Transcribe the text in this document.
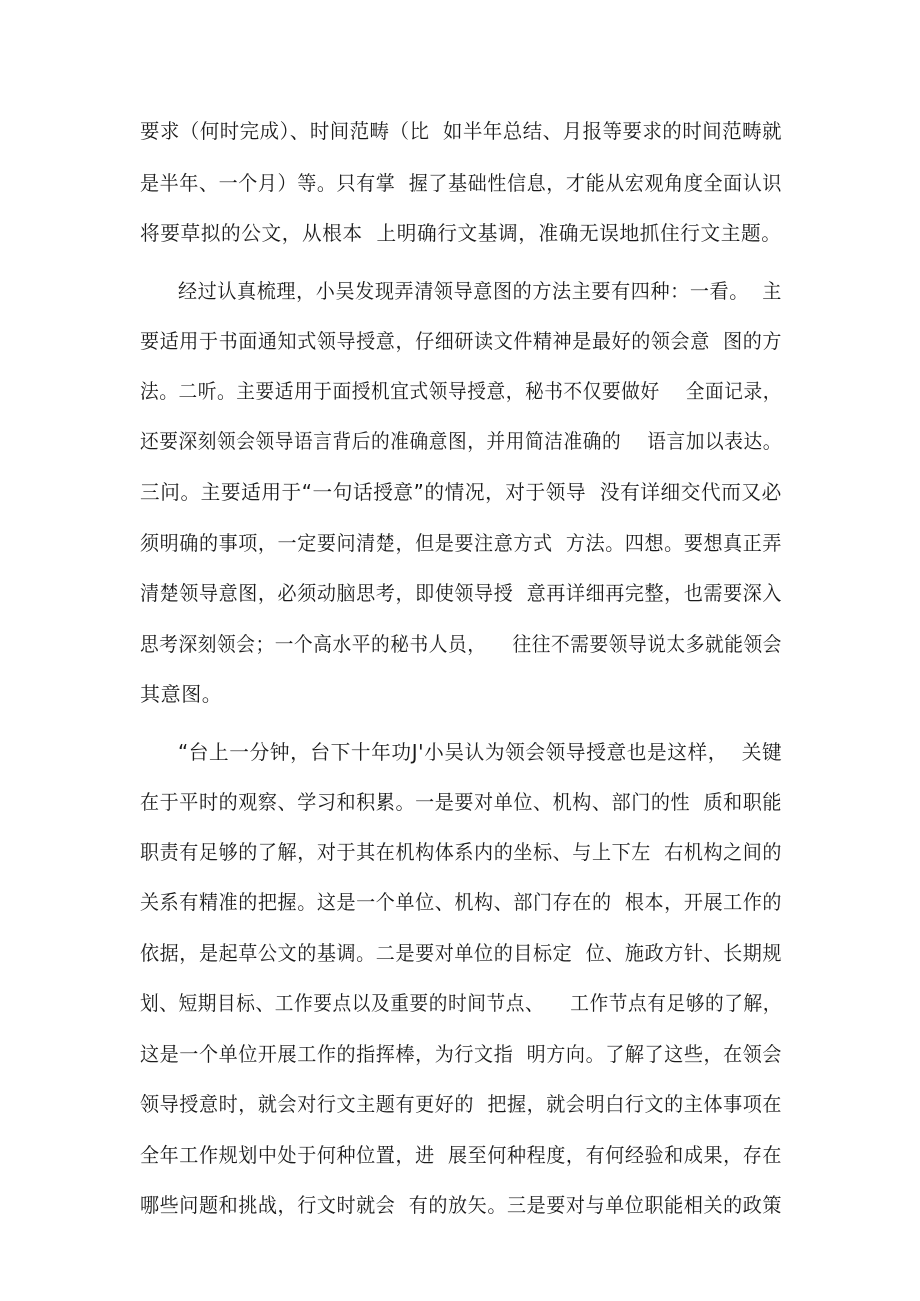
要求（何时完成）、时间范畴（比  如半年总结、月报等要求的时间范畴就
是半年、一个月）等。只有掌  握了基础性信息，才能从宏观角度全面认识
将要草拟的公文，从根本  上明确行文基调，准确无误地抓住行文主题。
经过认真梳理，小吴发现弄清领导意图的方法主要有四种：一看。  主
要适用于书面通知式领导授意，仔细研读文件精神是最好的领会意  图的方
法。二听。主要适用于面授机宜式领导授意，秘书不仅要做好    全面记录，
还要深刻领会领导语言背后的准确意图，并用简洁准确的    语言加以表达。
三问。主要适用于“一句话授意”的情况，对于领导  没有详细交代而又必
须明确的事项，一定要问清楚，但是要注意方式  方法。四想。要想真正弄
清楚领导意图，必须动脑思考，即使领导授  意再详细再完整，也需要深入
思考深刻领会；一个高水平的秘书人员，    往往不需要领导说太多就能领会
其意图。
“台上一分钟，台下十年功J'小吴认为领会领导授意也是这样，  关键
在于平时的观察、学习和积累。一是要对单位、机构、部门的性  质和职能
职责有足够的了解，对于其在机构体系内的坐标、与上下左  右机构之间的
关系有精准的把握。这是一个单位、机构、部门存在的  根本，开展工作的
依据，是起草公文的基调。二是要对单位的目标定  位、施政方针、长期规
划、短期目标、工作要点以及重要的时间节点、    工作节点有足够的了解，
这是一个单位开展工作的指挥棒，为行文指  明方向。了解了这些，在领会
领导授意时，就会对行文主题有更好的  把握，就会明白行文的主体事项在
全年工作规划中处于何种位置，进  展至何种程度，有何经验和成果，存在
哪些问题和挑战，行文时就会  有的放矢。三是要对与单位职能相关的政策
